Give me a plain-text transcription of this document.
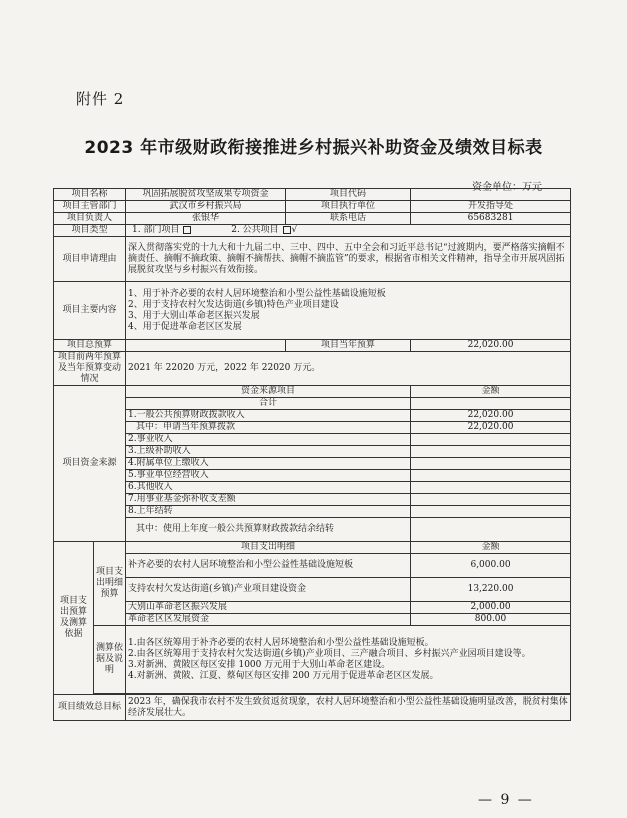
附件 2
2023 年市级财政衔接推进乡村振兴补助资金及绩效目标表
资金单位：万元
项目名称		巩固拓展脱贫攻坚成果专项资金	项目代码	
项目主管部门		武汉市乡村振兴局	项目执行单位	开发指导处
项目负责人		张银华	联系电话	65683281
项目类型		1. 部门项目 2. 公共项目 √		
项目申请理由		深入贯彻落实党的十九大和十九届二中、三中、四中、五中全会和习近平总书记“过渡期内，要严格落实摘帽不摘责任、摘帽不摘政策、摘帽不摘帮扶、摘帽不摘监管”的要求，根据省市相关文件精神，指导全市开展巩固拓展脱贫攻坚与乡村振兴有效衔接。		
项目主要内容		1、用于补齐必要的农村人居环境整治和小型公益性基础设施短板
2、用于支持农村欠发达街道(乡镇)特色产业项目建设
3、用于大别山革命老区振兴发展
4、用于促进革命老区区发展		

项目总预算			项目当年预算	22,020.00
项目前两年预算及当年预算变动情况		2021 年 22020 万元，2022 年 22020 万元。		
项目资金来源		资金来源项目		金额
		合计		
		1.一般公共预算财政拨款收入		22,020.00
		其中：申请当年预算拨款		22,020.00
		2.事业收入		
		3.上级补助收入		
		4.附属单位上缴收入		
		5.事业单位经营收入		
		6.其他收入		
		7.用事业基金弥补收支差额		
		8.上年结转		
		其中：使用上年度一般公共预算财政拨款结余结转		
项目支出预算及测算依据	项目支出明细预算	项目支出明细		金额
		补齐必要的农村人居环境整治和小型公益性基础设施短板		6,000.00
		支持农村欠发达街道(乡镇)产业项目建设资金		13,220.00
		大别山革命老区振兴发展		2,000.00
		革命老区区发展资金		800.00
	测算依据及说明	1.由各区统筹用于补齐必要的农村人居环境整治和小型公益性基础设施短板。
2.由各区统筹用于支持农村欠发达街道(乡镇)产业项目、三产融合项目、乡村振兴产业园项目建设等。
3.对新洲、黄陂区每区安排 1000 万元用于大别山革命老区建设。
4.对新洲、黄陂、江夏、蔡甸区每区安排 200 万元用于促进革命老区区发展。		

项目绩效总目标		2023 年，确保我市农村不发生致贫返贫现象，农村人居环境整治和小型公益性基础设施明显改善，脱贫村集体经济发展壮大。		
— 9 —
